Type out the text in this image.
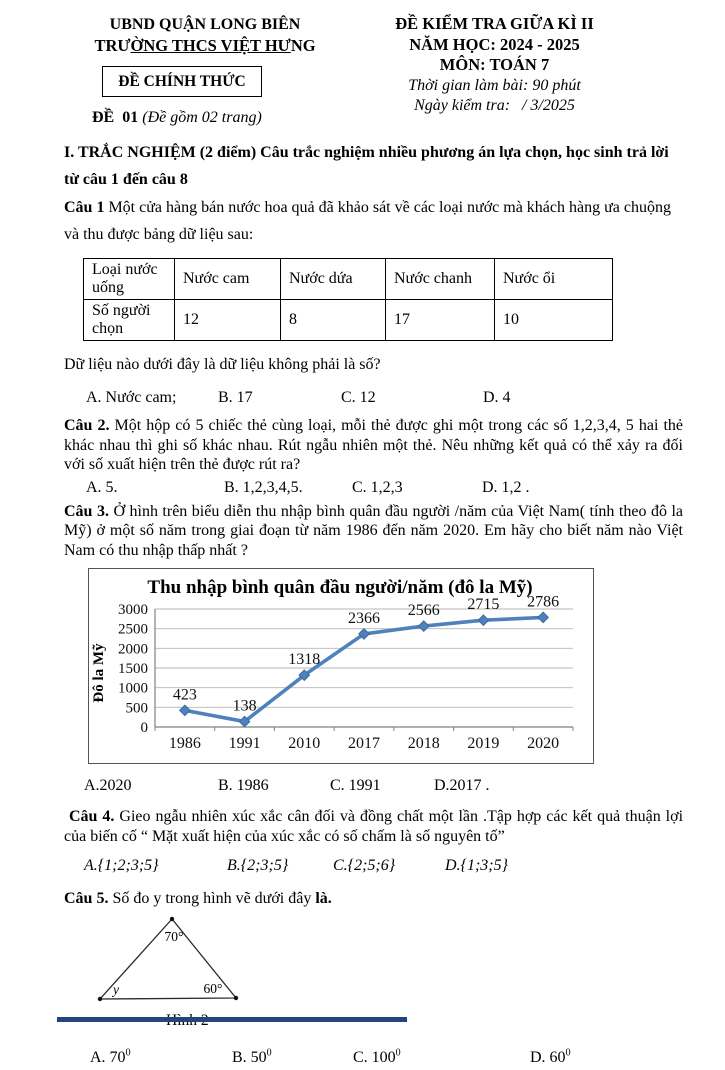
UBND QUẬN LONG BIÊN
TRƯỜNG THCS VIỆT HƯNG
ĐỀ CHÍNH THỨC
ĐỀ  01 (Đề gồm 02 trang)
ĐỀ KIỂM TRA GIỮA KÌ II
NĂM HỌC: 2024 - 2025
MÔN: TOÁN 7
Thời gian làm bài: 90 phút
Ngày kiểm tra:   / 3/2025
I. TRẮC NGHIỆM (2 điểm) Câu trắc nghiệm nhiều phương án lựa chọn, học sinh trả lời từ câu 1 đến câu 8
Câu 1 Một cửa hàng bán nước hoa quả đã khảo sát về các loại nước mà khách hàng ưa chuộng và thu được bảng dữ liệu sau:
Loại nước uống	Nước cam	Nước dứa	Nước chanh	Nước ổi
Số người chọn	12	8	17	10
Dữ liệu nào dưới đây là dữ liệu không phải là số?
A. Nước cam;	B. 17	C. 12	D. 4
Câu 2. Một hộp có 5 chiếc thẻ cùng loại, mỗi thẻ được ghi một trong các số 1,2,3,4, 5 hai thẻ khác nhau thì ghi số khác nhau. Rút ngẫu nhiên một thẻ. Nêu những kết quả có thể xảy ra đối với số xuất hiện trên thẻ được rút ra?
A. 5.	B. 1,2,3,4,5.	C. 1,2,3	D. 1,2 .
Câu 3. Ở hình trên biểu diễn thu nhập bình quân đầu người /năm của Việt Nam( tính theo đô la Mỹ) ở một số năm trong giai đoạn từ năm 1986 đến năm 2020. Em hãy cho biết năm nào Việt Nam có thu nhập thấp nhất ?
0
500
1000
1500
2000
2500
3000
423
138
1318
2366 2566 2715 2786
1986 1991 2010 2017 2018 2019 2020
Thu nhập bình quân đầu người/năm (đô la Mỹ)
Đô la Mỹ
A.2020	B. 1986	C. 1991	D.2017 .
Câu 4. Gieo ngẫu nhiên xúc xắc cân đối và đồng chất một lần .Tập hợp các kết quả thuận lợi của biến cố “ Mặt xuất hiện của xúc xắc có số chấm là số nguyên tố”
A.{1;2;3;5}	B.{2;3;5}	C.{2;5;6}	D.{1;3;5}
Câu 5. Số đo y trong hình vẽ dưới đây là.
70°
y	60°
A. $70^0$	B. $50^0$	C. $100^0$	D. $60^0$
